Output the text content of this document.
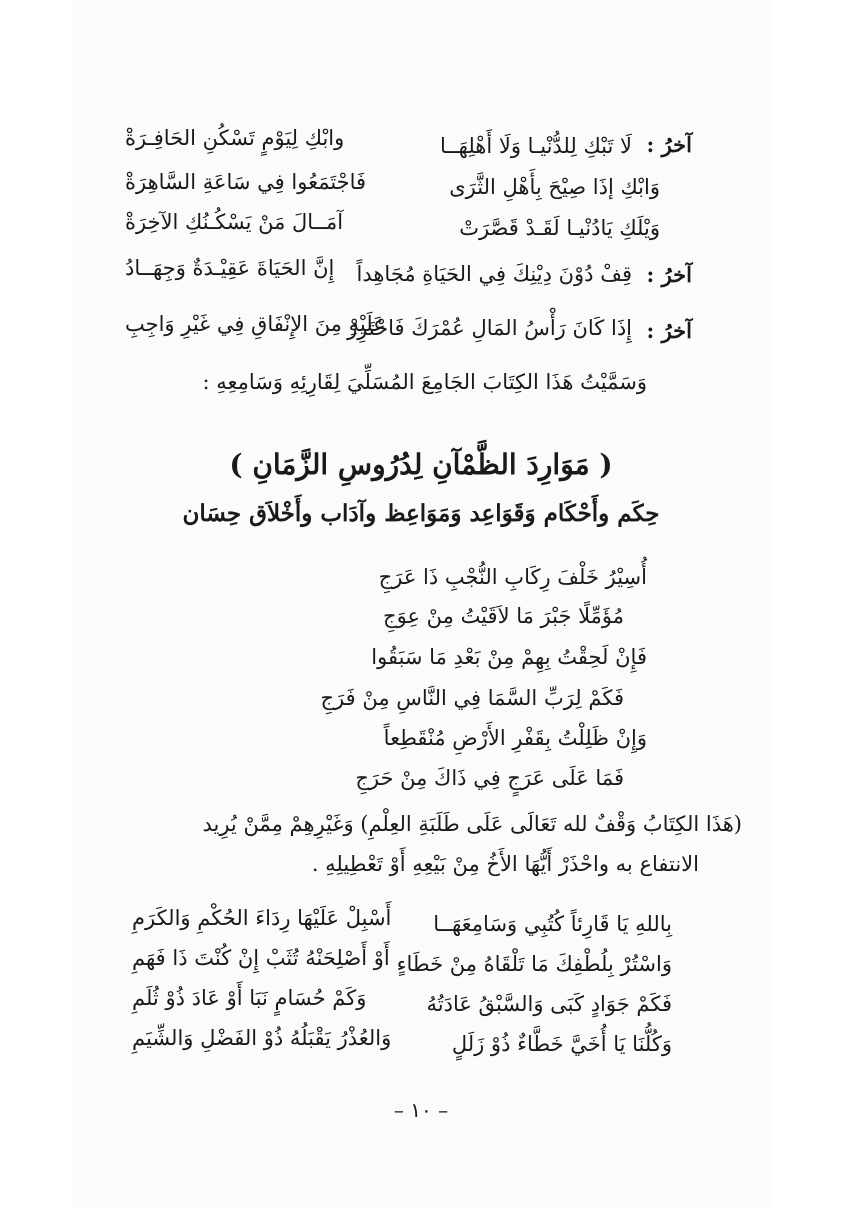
آخرُ :
لَا تَبْكِ لِلدُّنْيـا وَلَا أَهْلِهَــا
وابْكِ لِيَوْمٍ تَسْكُنِ الحَافِـرَةْ
وَابْكِ إذَا صِيْحَ بِأَهْلِ الثَّرَى
فَاجْتَمَعُوا فِي سَاعَةِ السَّاهِرَةْ
وَيْلَكِ يَادُنْيـا لَقَـدْ قَصَّرَتْ
آمَــالَ مَنْ يَسْكُـنُكِ الآخِرَةْ
آخرُ :
قِفْ دُوْنَ دِيْنِكَ فِي الحَيَاةِ مُجَاهِداً
إِنَّ الحَيَاةَ عَقِيْـدَةٌ وَجِهَــادُ
آخرُ :
إِذَا كَانَ رَأْسُ المَالِ عُمْرَكَ فَاحْتَرِزْ
عَلَيْهِ مِنَ الإِنْفَاقِ فِي غَيْرِ وَاجِبِ
وَسَمَّيْتُ هَذَا الكِتَابَ الجَامِعَ المُسَلِّيَ لِقَارِئِهِ وَسَامِعِهِ :
( مَوَارِدَ الظَّمْآنِ لِدُرُوسِ الزَّمَانِ )
حِكَم وأَحْكَام وَقَوَاعِد وَمَوَاعِظ وآدَاب وأَخْلاَق حِسَان
أُسِيْرُ خَلْفَ رِكَابِ النُّجْبِ ذَا عَرَجِ
مُؤَمِّلًا جَبْرَ مَا لاَقَيْتُ مِنْ عِوَجِ
فَإِنْ لَحِقْتُ بِهِمْ مِنْ بَعْدِ مَا سَبَقُوا
فَكَمْ لِرَبِّ السَّمَا فِي النَّاسِ مِنْ فَرَجِ
وَإِنْ ظَلِلْتُ بِقَفْرِ الأَرْضِ مُنْقَطِعاً
فَمَا عَلَى عَرَجٍ فِي ذَاكَ مِنْ حَرَجِ
(هَذَا الكِتَابُ وَقْفٌ لله تَعَالَى عَلَى طَلَبَةِ العِلْمِ) وَغَيْرِهِمْ مِمَّنْ يُرِيد
الانتفاع به واحْذَرْ أَيُّهَا الأَخُ مِنْ بَيْعِهِ أَوْ تَعْطِيلِهِ .
بِاللهِ يَا قَارِئاً كُتُبِي وَسَامِعَهَــا
أَسْبِلْ عَلَيْهَا رِدَاءَ الحُكْمِ وَالكَرَمِ
وَاسْتُرْ بِلُطْفِكَ مَا تَلْقَاهُ مِنْ خَطَاءٍ
أَوْ أَصْلِحَنْهُ تُثَبْ إِنْ كُنْتَ ذَا فَهَمِ
فَكَمْ جَوَادٍ كَبَى وَالسَّبْقُ عَادَتُهُ
وَكَمْ حُسَامٍ نَبَا أَوْ عَادَ ذُوْ ثُلَمِ
وَكُلُّنَا يَا أُخَيَّ خَطَّاءٌ ذُوْ زَلَلٍ
وَالعُذْرُ يَقْبَلُهُ ذُوْ الفَضْلِ وَالشِّيَمِ
– ١٠ –
